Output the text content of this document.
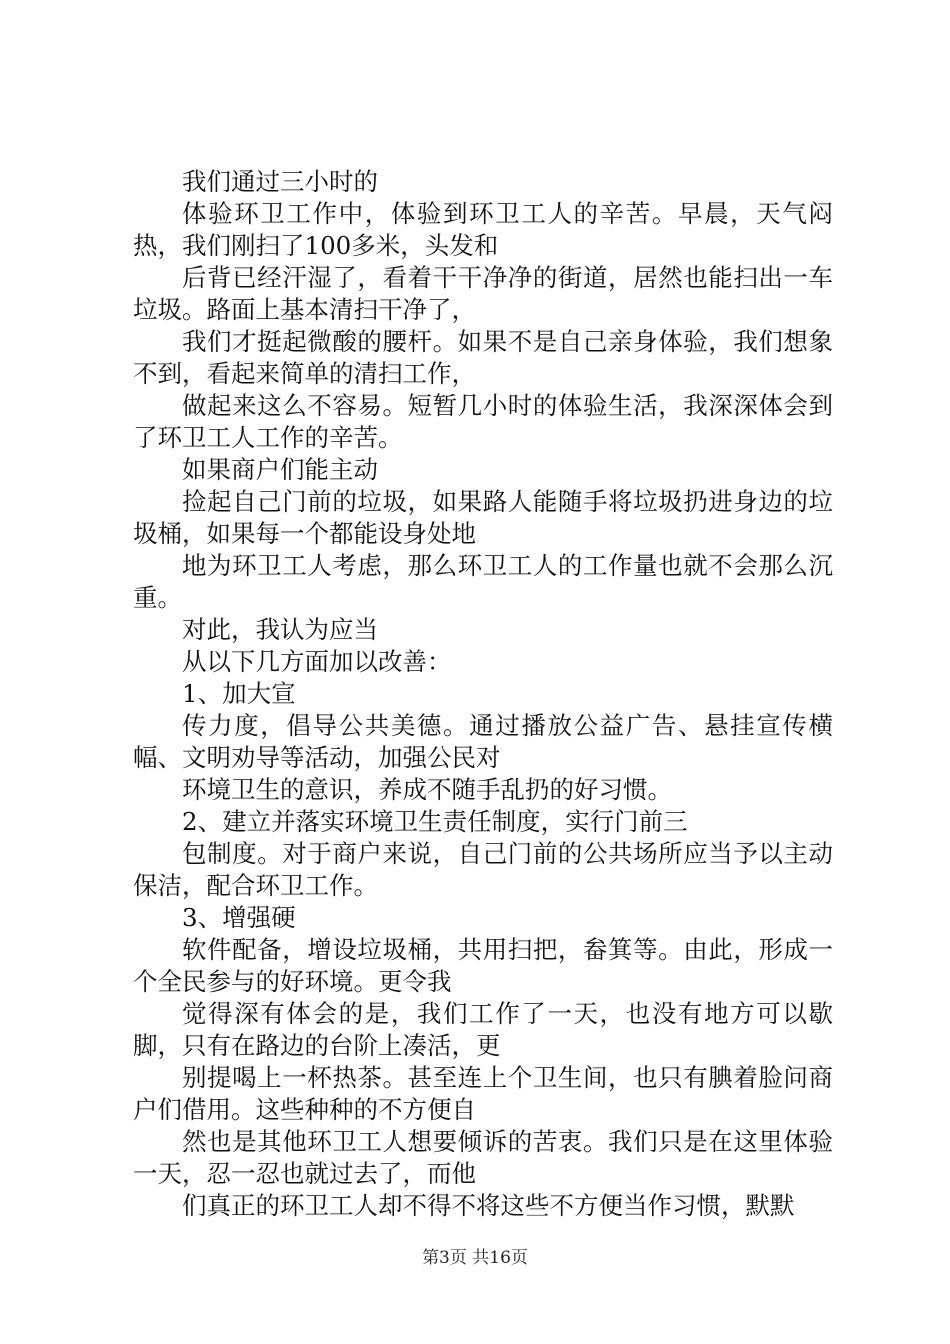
我们通过三小时的

体验环卫工作中，体验到环卫工人的辛苦。早晨，天气闷热，我们刚扫了100多米，头发和

后背已经汗湿了，看着干干净净的街道，居然也能扫出一车垃圾。路面上基本清扫干净了，

我们才挺起微酸的腰杆。如果不是自己亲身体验，我们想象不到，看起来简单的清扫工作，

做起来这么不容易。短暂几小时的体验生活，我深深体会到了环卫工人工作的辛苦。

如果商户们能主动

捡起自己门前的垃圾，如果路人能随手将垃圾扔进身边的垃圾桶，如果每一个都能设身处地

地为环卫工人考虑，那么环卫工人的工作量也就不会那么沉重。

对此，我认为应当

从以下几方面加以改善：

1、加大宣

传力度，倡导公共美德。通过播放公益广告、悬挂宣传横幅、文明劝导等活动，加强公民对

环境卫生的意识，养成不随手乱扔的好习惯。

2、建立并落实环境卫生责任制度，实行门前三

包制度。对于商户来说，自己门前的公共场所应当予以主动保洁，配合环卫工作。

3、增强硬

软件配备，增设垃圾桶，共用扫把，畚箕等。由此，形成一个全民参与的好环境。更令我

觉得深有体会的是，我们工作了一天，也没有地方可以歇脚，只有在路边的台阶上凑活，更

别提喝上一杯热茶。甚至连上个卫生间，也只有腆着脸问商户们借用。这些种种的不方便自

然也是其他环卫工人想要倾诉的苦衷。我们只是在这里体验一天，忍一忍也就过去了，而他

们真正的环卫工人却不得不将这些不方便当作习惯，默默

第3页 共16页
